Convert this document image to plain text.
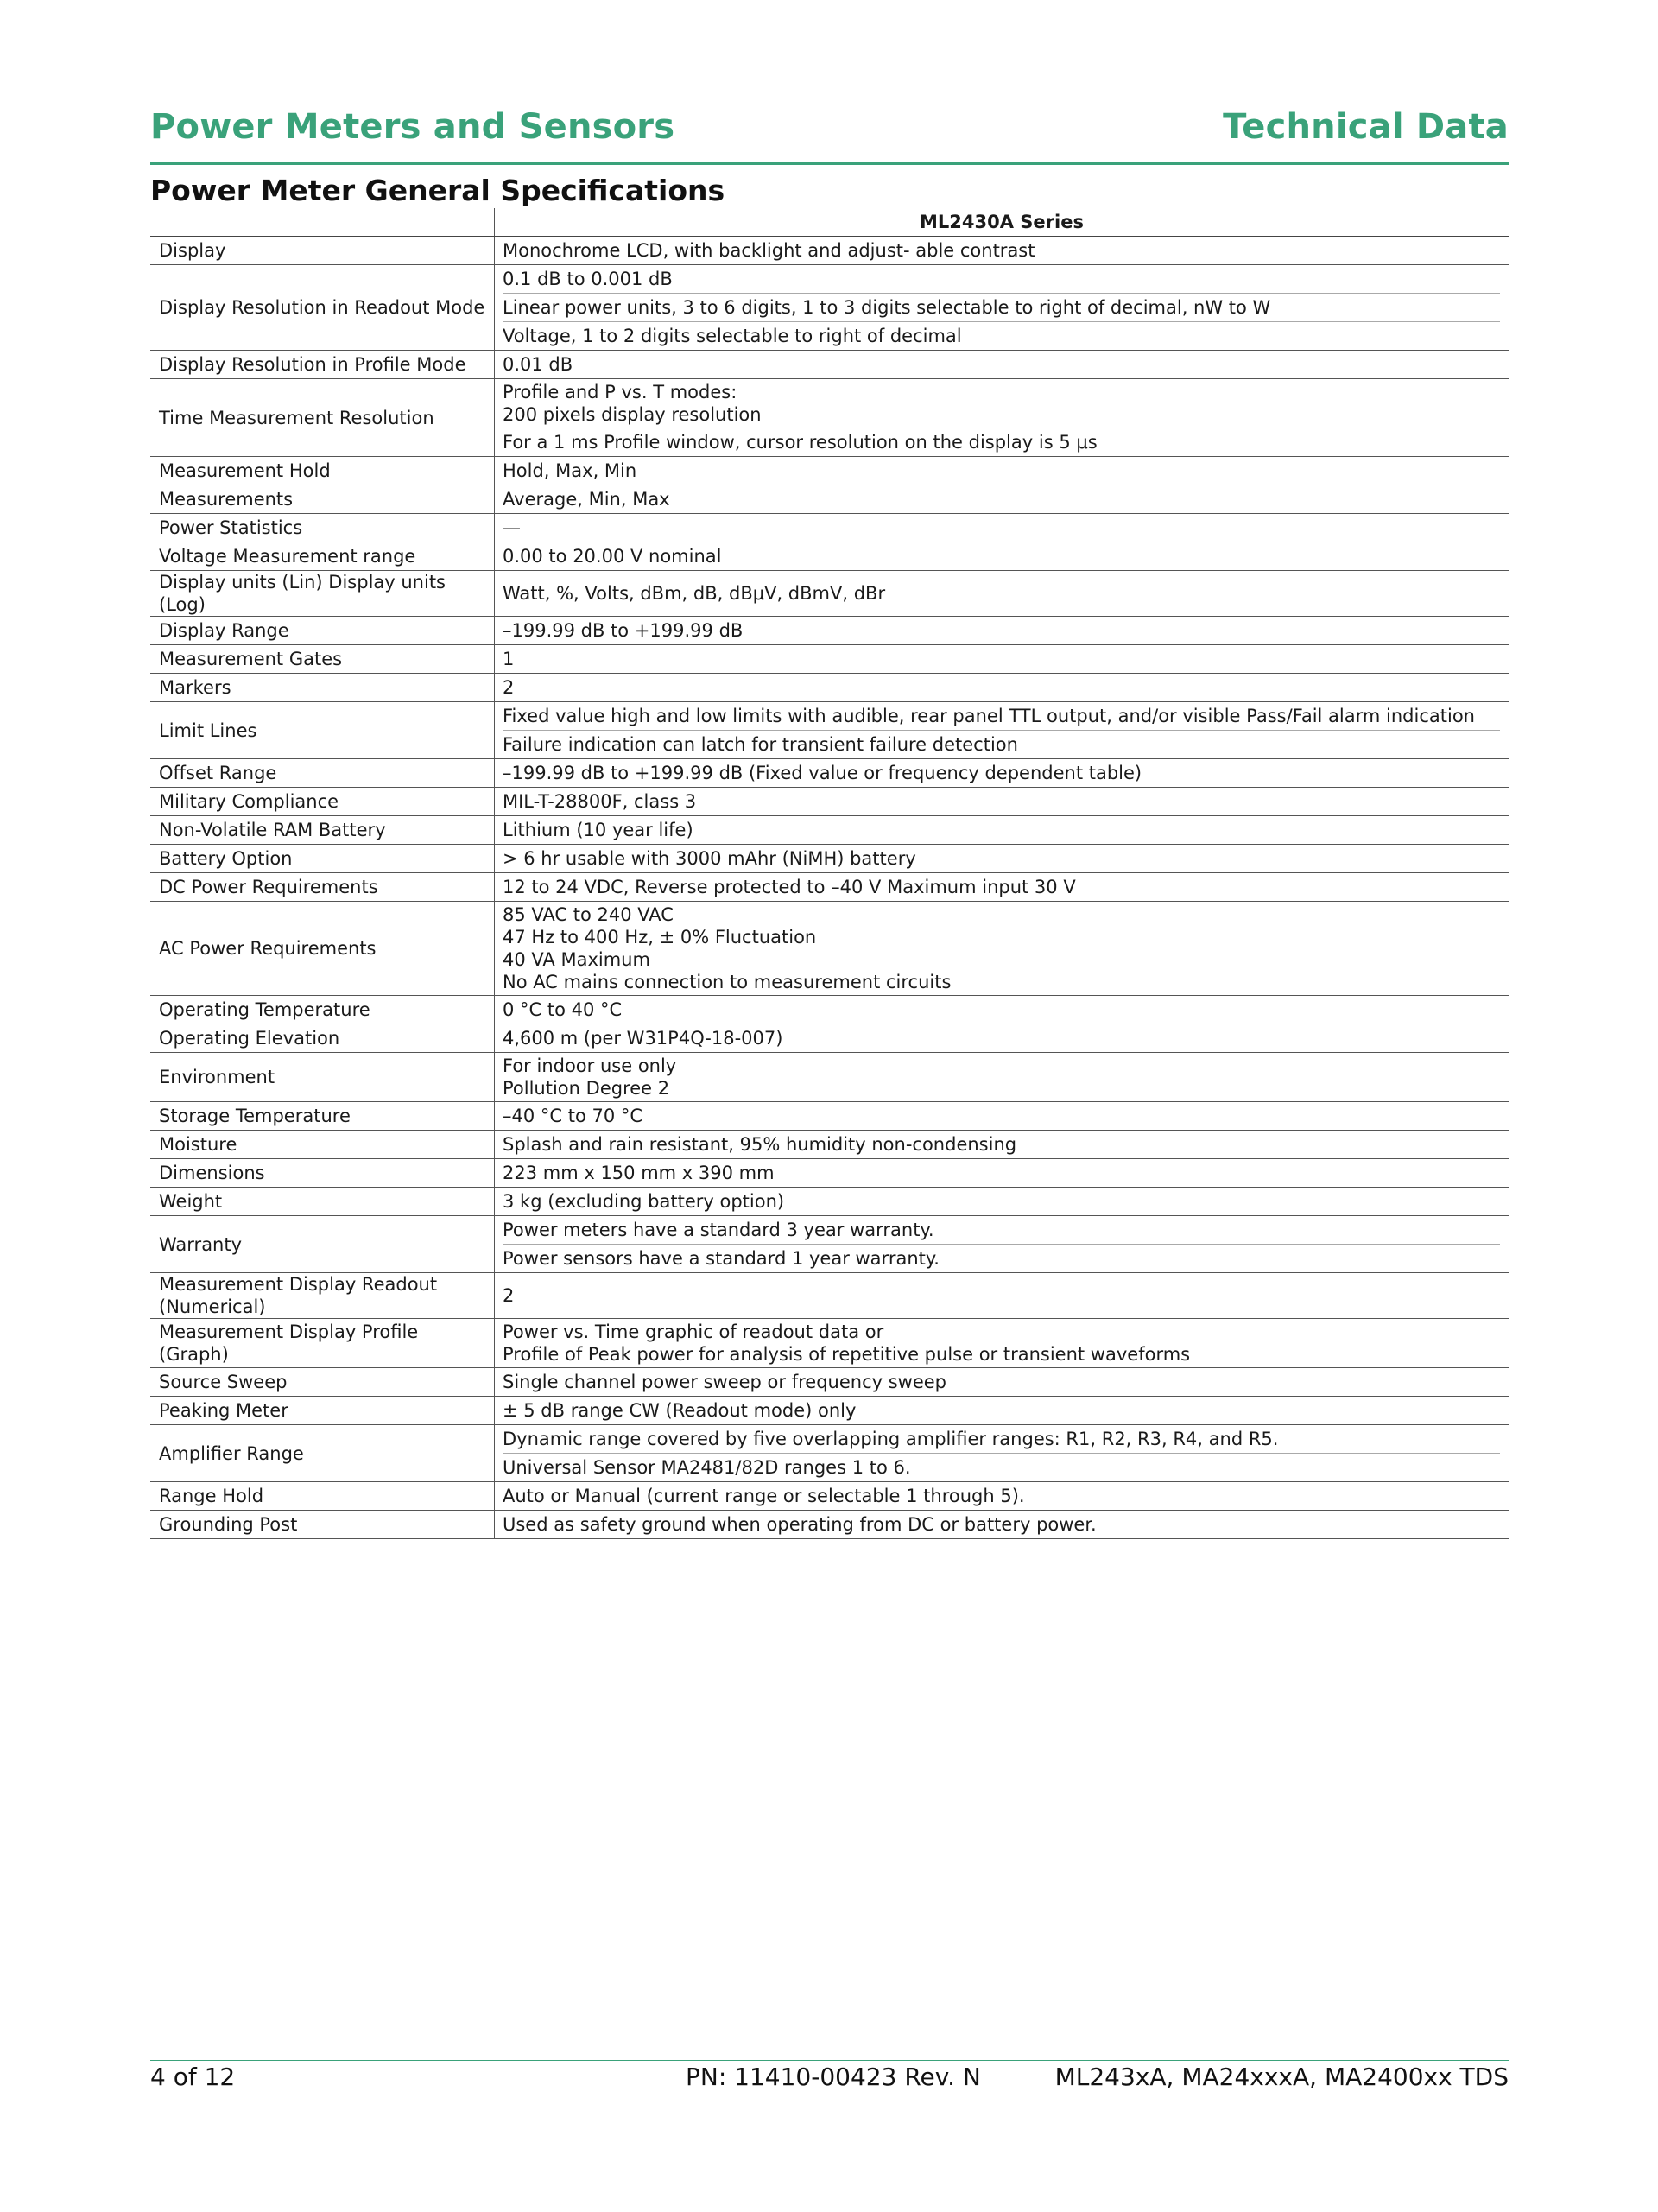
Power Meters and Sensors	Technical Data
Power Meter General Specifications
	ML2430A Series

Display	Monochrome LCD, with backlight and adjust- able contrast

Display Resolution in Readout Mode	0.1 dB to 0.001 dB
Linear power units, 3 to 6 digits, 1 to 3 digits selectable to right of decimal, nW to W
Voltage, 1 to 2 digits selectable to right of decimal

Display Resolution in Profile Mode	0.01 dB

Time Measurement Resolution	Profile and P vs. T modes:
200 pixels display resolution
For a 1 ms Profile window, cursor resolution on the display is 5 μs

Measurement Hold	Hold, Max, Min

Measurements	Average, Min, Max

Power Statistics	—

Voltage Measurement range	0.00 to 20.00 V nominal

Display units (Lin) Display units (Log)	Watt, %, Volts, dBm, dB, dBμV, dBmV, dBr

Display Range	–199.99 dB to +199.99 dB

Measurement Gates	1

Markers	2

Limit Lines	Fixed value high and low limits with audible, rear panel TTL output, and/or visible Pass/Fail alarm indication
Failure indication can latch for transient failure detection

Offset Range	–199.99 dB to +199.99 dB (Fixed value or frequency dependent table)

Military Compliance	MIL-T-28800F, class 3

Non-Volatile RAM Battery	Lithium (10 year life)

Battery Option	> 6 hr usable with 3000 mAhr (NiMH) battery

DC Power Requirements	12 to 24 VDC, Reverse protected to –40 V Maximum input 30 V

AC Power Requirements	85 VAC to 240 VAC
47 Hz to 400 Hz, ± 0% Fluctuation
40 VA Maximum
No AC mains connection to measurement circuits

Operating Temperature	0 °C to 40 °C

Operating Elevation	4,600 m (per W31P4Q-18-007)

Environment	For indoor use only
Pollution Degree 2

Storage Temperature	–40 °C to 70 °C

Moisture	Splash and rain resistant, 95% humidity non-condensing

Dimensions	223 mm x 150 mm x 390 mm

Weight	3 kg (excluding battery option)

Warranty	Power meters have a standard 3 year warranty.
Power sensors have a standard 1 year warranty.

Measurement Display Readout
(Numerical)	2

Measurement Display Profile (Graph)	Power vs. Time graphic of readout data or
Profile of Peak power for analysis of repetitive pulse or transient waveforms

Source Sweep	Single channel power sweep or frequency sweep

Peaking Meter	± 5 dB range CW (Readout mode) only

Amplifier Range	Dynamic range covered by five overlapping amplifier ranges: R1, R2, R3, R4, and R5.
Universal Sensor MA2481/82D ranges 1 to 6.

Range Hold	Auto or Manual (current range or selectable 1 through 5).

Grounding Post	Used as safety ground when operating from DC or battery power.
4 of 12	PN: 11410-00423 Rev. N	ML243xA, MA24xxxA, MA2400xx TDS
